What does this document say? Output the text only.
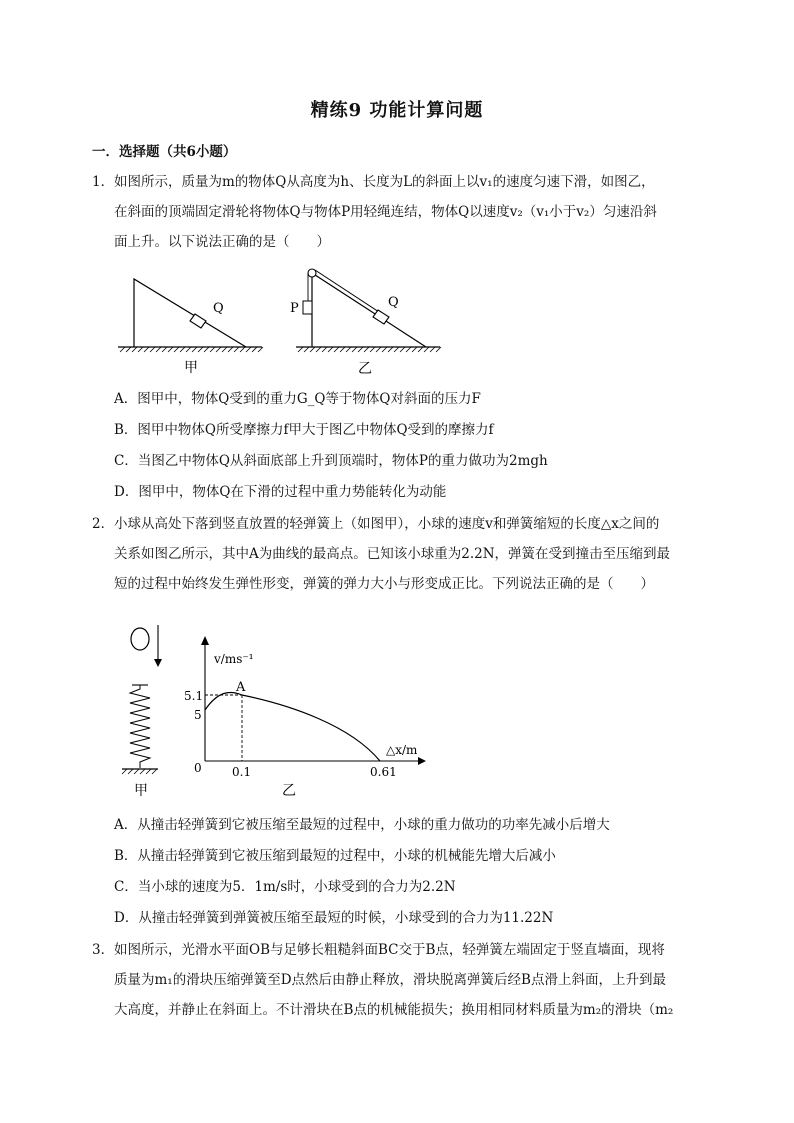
精练9 功能计算问题
一．选择题（共6小题）
1．如图所示，质量为m的物体Q从高度为h、长度为L的斜面上以v₁的速度匀速下滑，如图乙，
在斜面的顶端固定滑轮将物体Q与物体P用轻绳连结，物体Q以速度v₂（v₁小于v₂）匀速沿斜
面上升。以下说法正确的是（　　）
Q
甲
Q
P
乙
A．图甲中，物体Q受到的重力G_Q等于物体Q对斜面的压力F
B．图甲中物体Q所受摩擦力f甲大于图乙中物体Q受到的摩擦力f
C．当图乙中物体Q从斜面底部上升到顶端时，物体P的重力做功为2mgh
D．图甲中，物体Q在下滑的过程中重力势能转化为动能
2．小球从高处下落到竖直放置的轻弹簧上（如图甲），小球的速度v和弹簧缩短的长度△x之间的
关系如图乙所示，其中A为曲线的最高点。已知该小球重为2.2N，弹簧在受到撞击至压缩到最
短的过程中始终发生弹性形变，弹簧的弹力大小与形变成正比。下列说法正确的是（　　）
甲
v/ms⁻¹
△x/m
A
5.1
5
0	0.1	0.61
乙
A．从撞击轻弹簧到它被压缩至最短的过程中，小球的重力做功的功率先减小后增大
B．从撞击轻弹簧到它被压缩到最短的过程中，小球的机械能先增大后减小
C．当小球的速度为5．1m/s时，小球受到的合力为2.2N
D．从撞击轻弹簧到弹簧被压缩至最短的时候，小球受到的合力为11.22N
3．如图所示，光滑水平面OB与足够长粗糙斜面BC交于B点，轻弹簧左端固定于竖直墙面，现将
质量为m₁的滑块压缩弹簧至D点然后由静止释放，滑块脱离弹簧后经B点滑上斜面，上升到最
大高度，并静止在斜面上。不计滑块在B点的机械能损失；换用相同材料质量为m₂的滑块（m₂
